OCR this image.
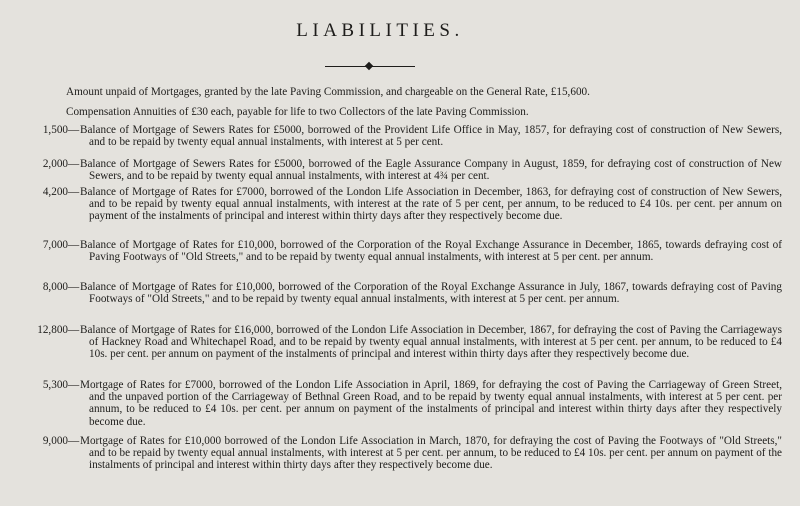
LIABILITIES.
Amount unpaid of Mortgages, granted by the late Paving Commission, and chargeable on the General Rate, £15,600.
Compensation Annuities of £30 each, payable for life to two Collectors of the late Paving Commission.
1,500 — Balance of Mortgage of Sewers Rates for £5000, borrowed of the Provident Life Office in May, 1857, for defraying cost of construction of New Sewers, and to be repaid by twenty equal annual instalments, with interest at 5 per cent.
2,000 — Balance of Mortgage of Sewers Rates for £5000, borrowed of the Eagle Assurance Company in August, 1859, for defraying cost of construction of New Sewers, and to be repaid by twenty equal annual instalments, with interest at 4¾ per cent.
4,200 — Balance of Mortgage of Rates for £7000, borrowed of the London Life Association in December, 1863, for defraying cost of construction of New Sewers, and to be repaid by twenty equal annual instalments, with interest at the rate of 5 per cent, per annum, to be reduced to £4 10s. per cent. per annum on payment of the instalments of principal and interest within thirty days after they respectively become due.
7,000 — Balance of Mortgage of Rates for £10,000, borrowed of the Corporation of the Royal Exchange Assurance in December, 1865, towards defraying cost of Paving Footways of "Old Streets," and to be repaid by twenty equal annual instalments, with interest at 5 per cent. per annum.
8,000 — Balance of Mortgage of Rates for £10,000, borrowed of the Corporation of the Royal Exchange Assurance in July, 1867, towards defraying cost of Paving Footways of "Old Streets," and to be repaid by twenty equal annual instalments, with interest at 5 per cent. per annum.
12,800 — Balance of Mortgage of Rates for £16,000, borrowed of the London Life Association in December, 1867, for defraying the cost of Paving the Carriageways of Hackney Road and Whitechapel Road, and to be repaid by twenty equal annual instalments, with interest at 5 per cent. per annum, to be reduced to £4 10s. per cent. per annum on payment of the instalments of principal and interest within thirty days after they respectively become due.
5,300 — Mortgage of Rates for £7000, borrowed of the London Life Association in April, 1869, for defraying the cost of Paving the Carriageway of Green Street, and the unpaved portion of the Carriageway of Bethnal Green Road, and to be repaid by twenty equal annual instalments, with interest at 5 per cent. per annum, to be reduced to £4 10s. per cent. per annum on payment of the instalments of principal and interest within thirty days after they respectively become due.
9,000 — Mortgage of Rates for £10,000 borrowed of the London Life Association in March, 1870, for defraying the cost of Paving the Footways of "Old Streets," and to be repaid by twenty equal annual instalments, with interest at 5 per cent. per annum, to be reduced to £4 10s. per cent. per annum on payment of the instalments of principal and interest within thirty days after they respectively become due.
